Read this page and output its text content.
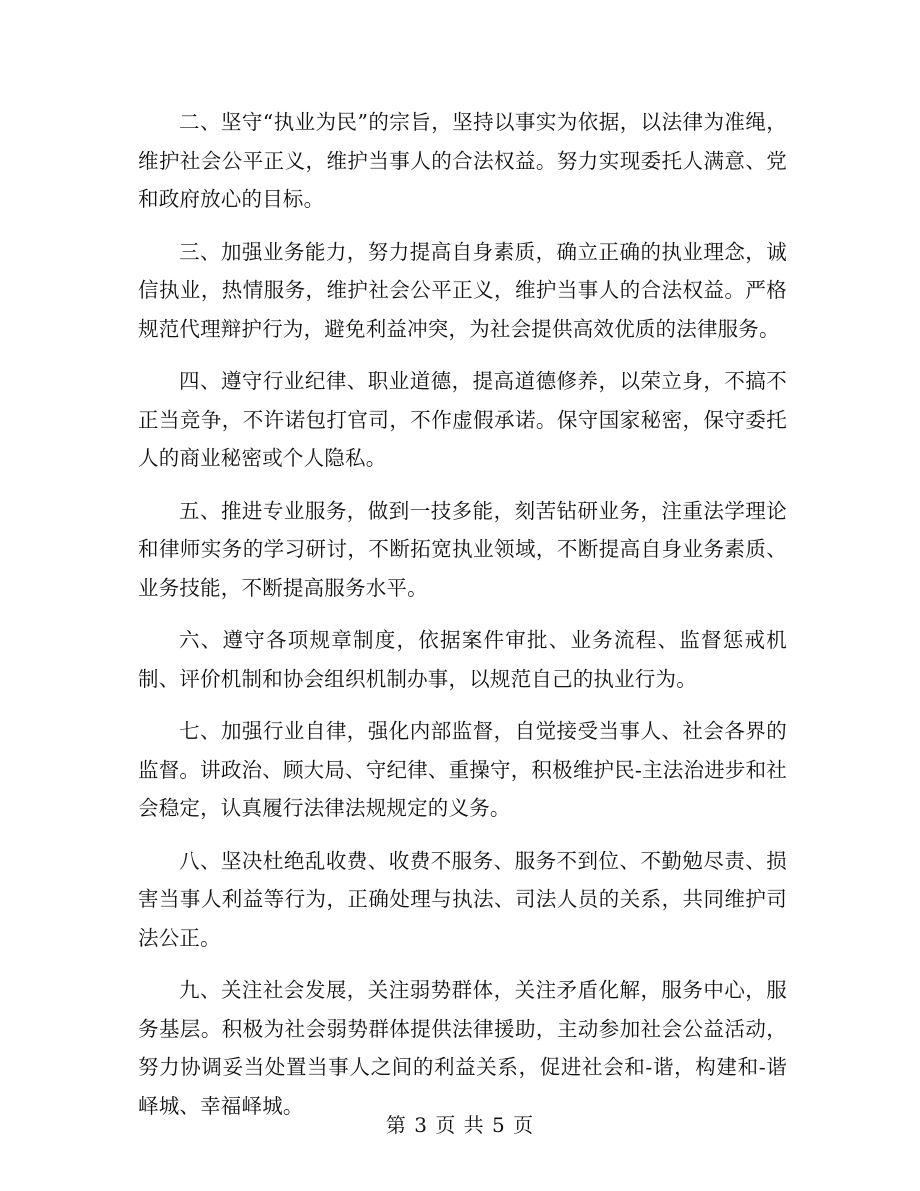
二、坚守“执业为民”的宗旨，坚持以事实为依据，以法律为准绳，维护社会公平正义，维护当事人的合法权益。努力实现委托人满意、党和政府放心的目标。

三、加强业务能力，努力提高自身素质，确立正确的执业理念，诚信执业，热情服务，维护社会公平正义，维护当事人的合法权益。严格规范代理辩护行为，避免利益冲突，为社会提供高效优质的法律服务。

四、遵守行业纪律、职业道德，提高道德修养，以荣立身，不搞不正当竞争，不许诺包打官司，不作虚假承诺。保守国家秘密，保守委托人的商业秘密或个人隐私。

五、推进专业服务，做到一技多能，刻苦钻研业务，注重法学理论和律师实务的学习研讨，不断拓宽执业领域，不断提高自身业务素质、业务技能，不断提高服务水平。

六、遵守各项规章制度，依据案件审批、业务流程、监督惩戒机制、评价机制和协会组织机制办事，以规范自己的执业行为。

七、加强行业自律，强化内部监督，自觉接受当事人、社会各界的监督。讲政治、顾大局、守纪律、重操守，积极维护民-主法治进步和社会稳定，认真履行法律法规规定的义务。

八、坚决杜绝乱收费、收费不服务、服务不到位、不勤勉尽责、损害当事人利益等行为，正确处理与执法、司法人员的关系，共同维护司法公正。

九、关注社会发展，关注弱势群体，关注矛盾化解，服务中心，服务基层。积极为社会弱势群体提供法律援助，主动参加社会公益活动，努力协调妥当处置当事人之间的利益关系，促进社会和-谐，构建和-谐峄城、幸福峄城。

第 3 页 共 5 页
